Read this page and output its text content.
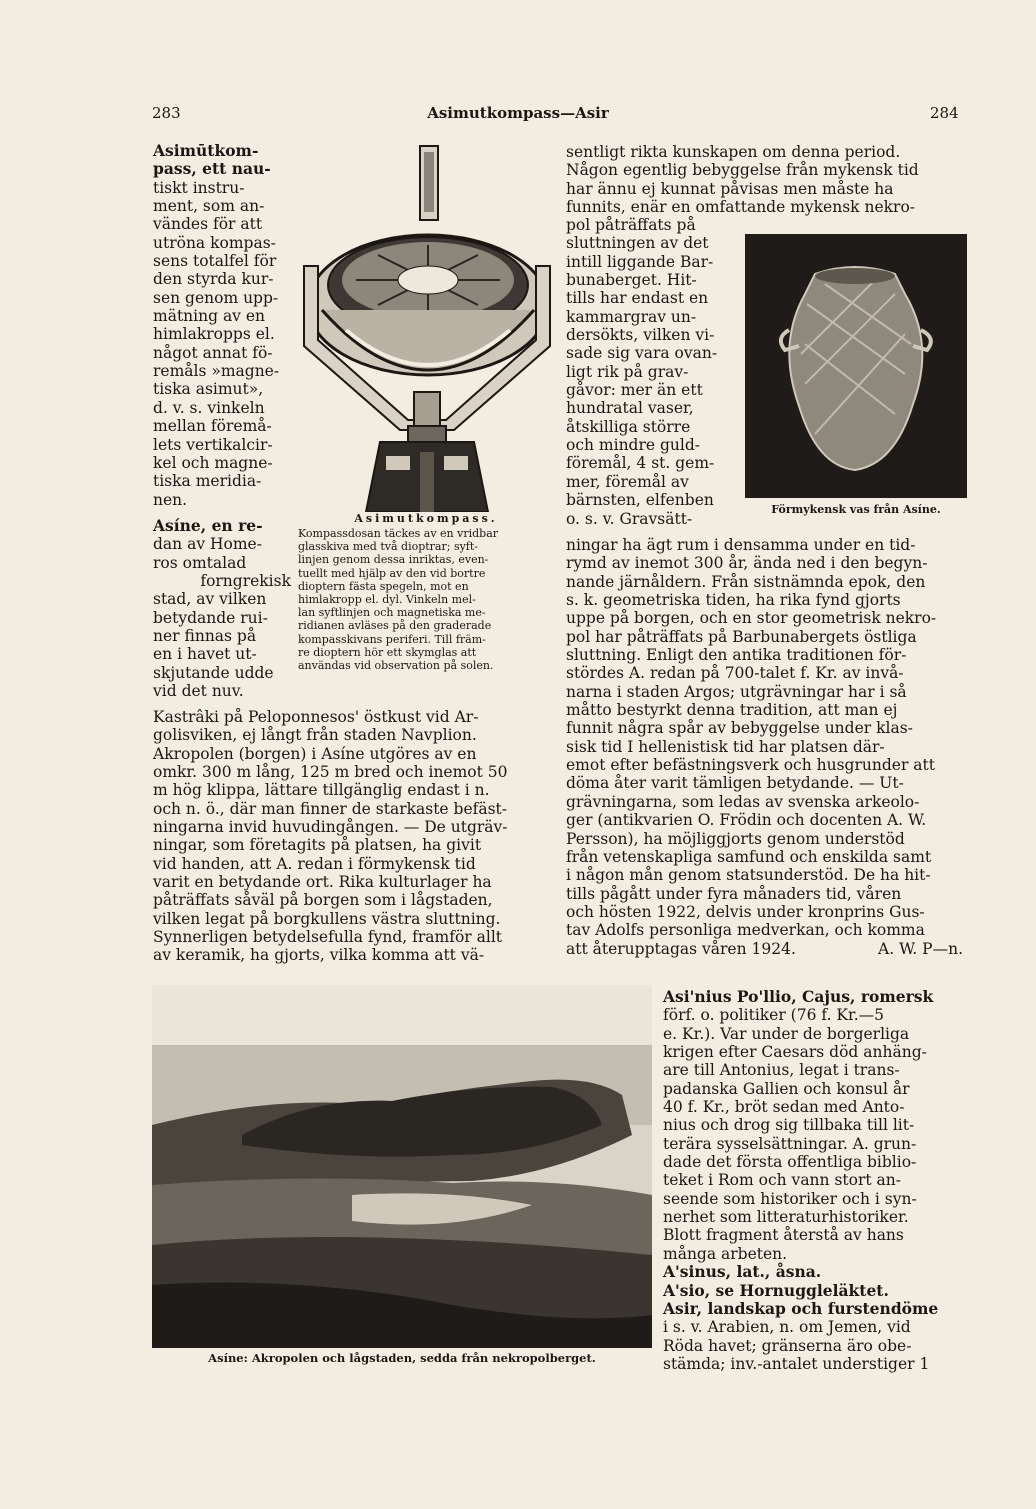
283	Asimutkompass—Asir	284

Asimūtkom-

pass, ett nau-

tiskt instru-

ment, som an-

vändes för att

utröna kompas-

sens totalfel för

den styrda kur-

sen genom upp-

mätning av en

himlakropps el.

något annat fö-

remåls »magne-

tiska asimut»,

d. v. s. vinkeln

mellan föremå-

lets vertikalcir-

kel och magne-

tiska meridia-

nen.

Asíne, en re-

dan av Home-

ros omtalad

forngrekisk

stad, av vilken

betydande rui-

ner finnas på

en i havet ut-

skjutande udde

vid det nuv.

Kastrâki på Peloponnesos' östkust vid Ar-

golisviken, ej långt från staden Navplion.

Akropolen (borgen) i Asíne utgöres av en

omkr. 300 m lång, 125 m bred och inemot 50

m hög klippa, lättare tillgänglig endast i n.

och n. ö., där man finner de starkaste befäst-

ningarna invid huvudingången. — De utgräv-

ningar, som företagits på platsen, ha givit

vid handen, att A. redan i förmykensk tid

varit en betydande ort. Rika kulturlager ha

påträffats såväl på borgen som i lågstaden,

vilken legat på borgkullens västra sluttning.

Synnerligen betydelsefulla fynd, framför allt

av keramik, ha gjorts, vilka komma att vä-

Asimutkompass.
Kompassdosan täckes av en vridbar
glasskiva med två dioptrar; syft-
linjen genom dessa inriktas, even-
tuellt med hjälp av den vid bortre
dioptern fästa spegeln, mot en
himlakropp el. dyl. Vinkeln mel-
lan syftlinjen och magnetiska me-
ridianen avläses på den graderade
kompasskivans periferi. Till främ-
re dioptern hör ett skymglas att
användas vid observation på solen.

sentligt rikta kunskapen om denna period.

Någon egentlig bebyggelse från mykensk tid

har ännu ej kunnat påvisas men måste ha

funnits, enär en omfattande mykensk nekro-

pol påträffats på

sluttningen av det

intill liggande Bar-

bunaberget. Hit-

tills har endast en

kammargrav un-

dersökts, vilken vi-

sade sig vara ovan-

ligt rik på grav-

gåvor: mer än ett

hundratal vaser,

åtskilliga större

och mindre guld-

föremål, 4 st. gem-

mer, föremål av

bärnsten, elfenben

o. s. v. Gravsätt-	Förmykensk vas från Asíne.

ningar ha ägt rum i densamma under en tid-

rymd av inemot 300 år, ända ned i den begyn-

nande järnåldern. Från sistnämnda epok, den

s. k. geometriska tiden, ha rika fynd gjorts

uppe på borgen, och en stor geometrisk nekro-

pol har påträffats på Barbunabergets östliga

sluttning. Enligt den antika traditionen för-

stördes A. redan på 700-talet f. Kr. av invå-

narna i staden Argos; utgrävningar har i så

måtto bestyrkt denna tradition, att man ej

funnit några spår av bebyggelse under klas-

sisk tid I hellenistisk tid har platsen där-

emot efter befästningsverk och husgrunder att

döma åter varit tämligen betydande. — Ut-

grävningarna, som ledas av svenska arkeolo-

ger (antikvarien O. Frödin och docenten A. W.

Persson), ha möjliggjorts genom understöd

från vetenskapliga samfund och enskilda samt

i någon mån genom statsunderstöd. De ha hit-

tills pågått under fyra månaders tid, våren

och hösten 1922, delvis under kronprins Gus-

tav Adolfs personliga medverkan, och komma

att återupptagas våren 1924.	A. W. P—n.

Asi'nius Po'llio, Cajus, romersk

förf. o. politiker (76 f. Kr.—5

e. Kr.). Var under de borgerliga

krigen efter Caesars död anhäng-

are till Antonius, legat i trans-

padanska Gallien och konsul år

40 f. Kr., bröt sedan med Anto-

nius och drog sig tillbaka till lit-

terära sysselsättningar. A. grun-

dade det första offentliga biblio-

teket i Rom och vann stort an-

seende som historiker och i syn-

nerhet som litteraturhistoriker.

Blott fragment återstå av hans

många arbeten.

A'sinus, lat., åsna.

A'sio, se Hornuggleläktet.

Asir, landskap och furstendöme

i s. v. Arabien, n. om Jemen, vid

Röda havet; gränserna äro obe-

stämda; inv.-antalet understiger 1

Asíne: Akropolen och lågstaden, sedda från nekropolberget.
